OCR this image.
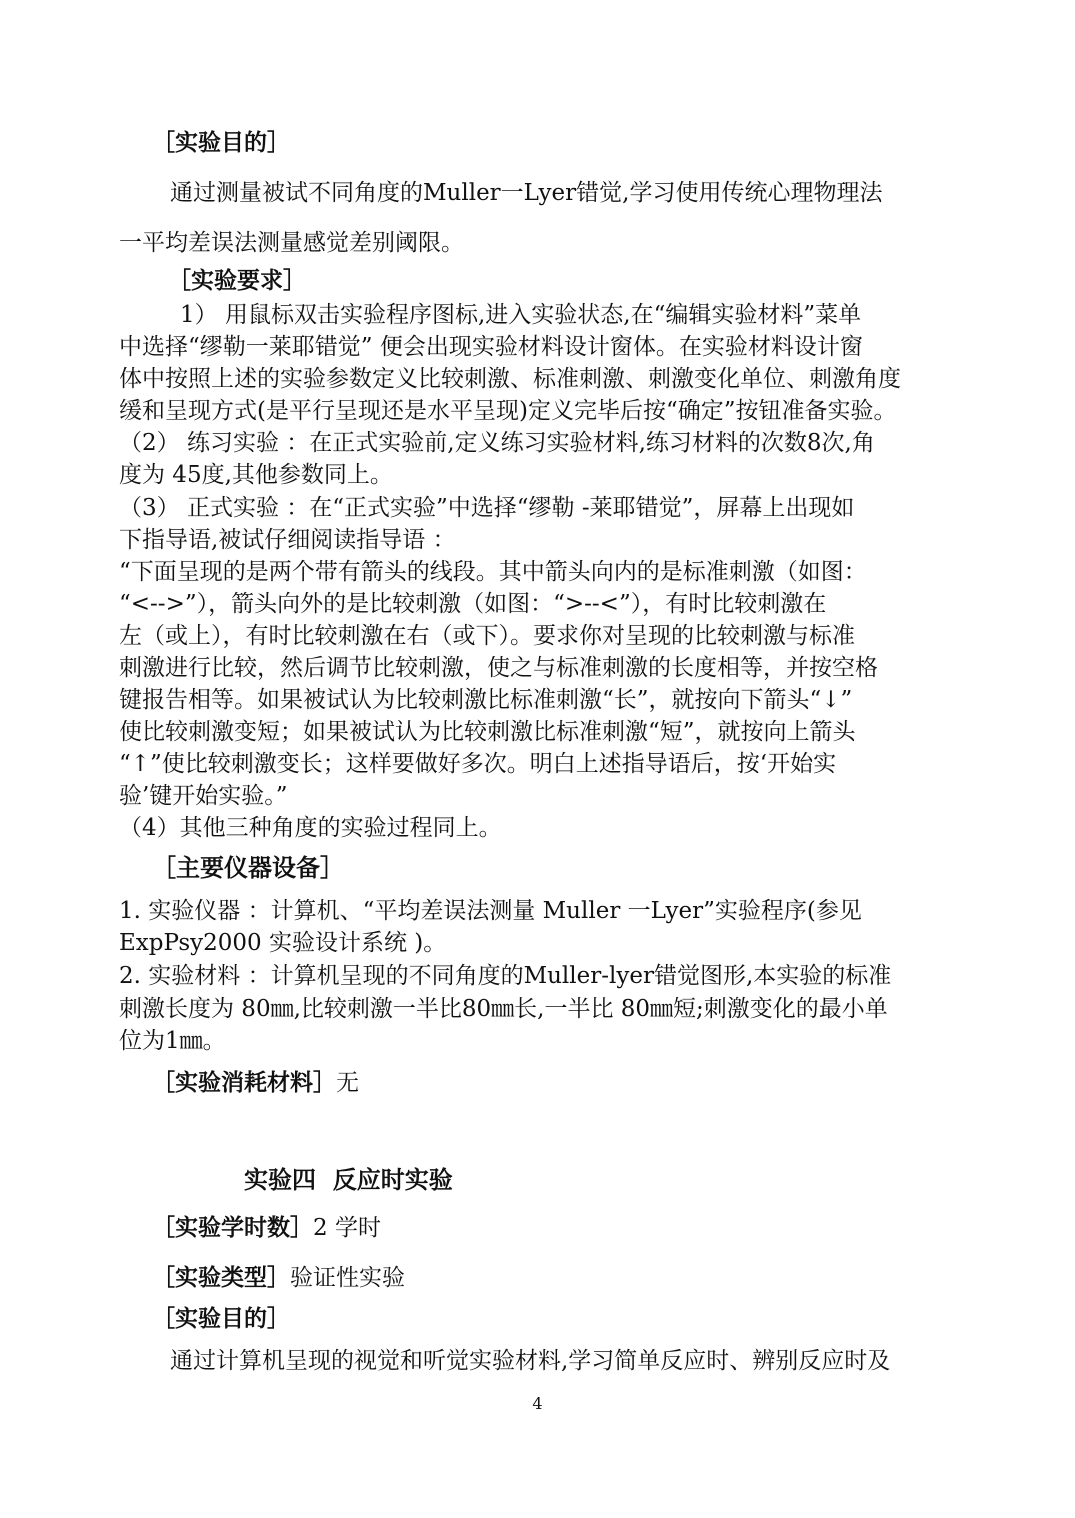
［实验目的］
通过测量被试不同角度的Muller一Lyer错觉,学习使用传统心理物理法
一平均差误法测量感觉差别阈限。
［实验要求］
1） 用鼠标双击实验程序图标,进入实验状态,在“编辑实验材料”菜单
中选择“缪勒一莱耶错觉” 便会出现实验材料设计窗体。在实验材料设计窗
体中按照上述的实验参数定义比较刺激、标准刺激、刺激变化单位、刺激角度
缓和呈现方式(是平行呈现还是水平呈现)定义完毕后按“确定”按钮准备实验。
（2） 练习实验 ：在正式实验前,定义练习实验材料,练习材料的次数8次,角
度为 45度,其他参数同上。
（3） 正式实验 ：在“正式实验”中选择“缪勒 -莱耶错觉”，屏幕上出现如
下指导语,被试仔细阅读指导语 ：
“下面呈现的是两个带有箭头的线段。其中箭头向内的是标准刺激（如图：
“<-->”），箭头向外的是比较刺激（如图：“>--<”），有时比较刺激在
左（或上），有时比较刺激在右（或下）。要求你对呈现的比较刺激与标准
刺激进行比较，然后调节比较刺激，使之与标准刺激的长度相等，并按空格
键报告相等。如果被试认为比较刺激比标准刺激“长”，就按向下箭头“↓”
使比较刺激变短；如果被试认为比较刺激比标准刺激“短”，就按向上箭头
“↑”使比较刺激变长；这样要做好多次。明白上述指导语后，按‘开始实
验’键开始实验。”
（4）其他三种角度的实验过程同上。
［主要仪器设备］
1. 实验仪器 ：计算机、“平均差误法测量 Muller 一Lyer”实验程序(参见
ExpPsy2000 实验设计系统 )。
2. 实验材料 ：计算机呈现的不同角度的Muller-lyer错觉图形,本实验的标准
刺激长度为 80㎜,比较刺激一半比80㎜长,一半比 80㎜短;刺激变化的最小单
位为1㎜。
［实验消耗材料］无
实验四  反应时实验
［实验学时数］2 学时
［实验类型］验证性实验
［实验目的］
通过计算机呈现的视觉和听觉实验材料,学习简单反应时、辨别反应时及
4
